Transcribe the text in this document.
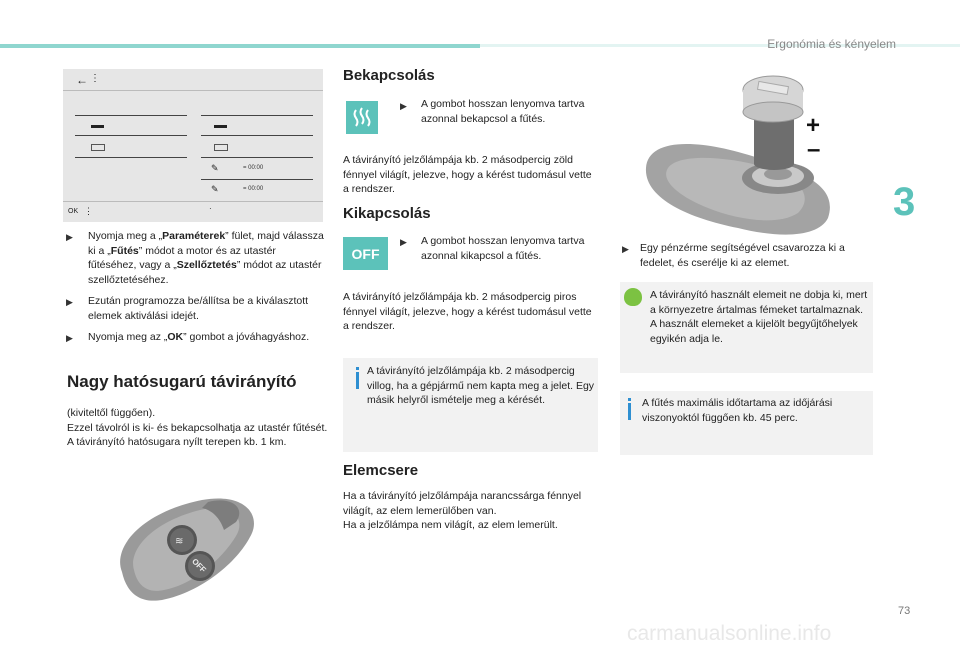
Ergonómia és kényelem
3
← ⋮
✎	= 00:00
✎	= 00:00
OK ⋮	·
▶ Nyomja meg a „Paraméterek” fület, majd válassza ki a „Fűtés” módot a motor és az utastér fűtéséhez, vagy a „Szellőztetés” módot az utastér szellőztetéséhez.
▶ Ezután programozza be/állítsa be a kiválasztott elemek aktiválási idejét.
▶ Nyomja meg az „OK” gombot a jóváhagyáshoz.
Nagy hatósugarú távirányító
(kiviteltől függően).
Ezzel távolról is ki- és bekapcsolhatja az utastér fűtését.
A távirányító hatósugara nyílt terepen kb. 1 km.
≋
OFF
Bekapcsolás
▶ A gombot hosszan lenyomva tartva azonnal bekapcsol a fűtés.
A távirányító jelzőlámpája kb. 2 másodpercig zöld fénnyel világít, jelezve, hogy a kérést tudomásul vette a rendszer.
Kikapcsolás
OFF
▶ A gombot hosszan lenyomva tartva azonnal kikapcsol a fűtés.
A távirányító jelzőlámpája kb. 2 másodpercig piros fénnyel világít, jelezve, hogy a kérést tudomásul vette a rendszer.
A távirányító jelzőlámpája kb. 2 másodpercig villog, ha a gépjármű nem kapta meg a jelet. Egy másik helyről ismételje meg a kérését.
Elemcsere
Ha a távirányító jelzőlámpája narancssárga fénnyel világít, az elem lemerülőben van.
Ha a jelzőlámpa nem világít, az elem lemerült.
+
–
▶ Egy pénzérme segítségével csavarozza ki a fedelet, és cserélje ki az elemet.
A távirányító használt elemeit ne dobja ki, mert a környezetre ártalmas fémeket tartalmaznak.
A használt elemeket a kijelölt begyűjtőhelyek egyikén adja le.
A fűtés maximális időtartama az időjárási viszonyoktól függően kb. 45 perc.
73
carmanualsonline.info
